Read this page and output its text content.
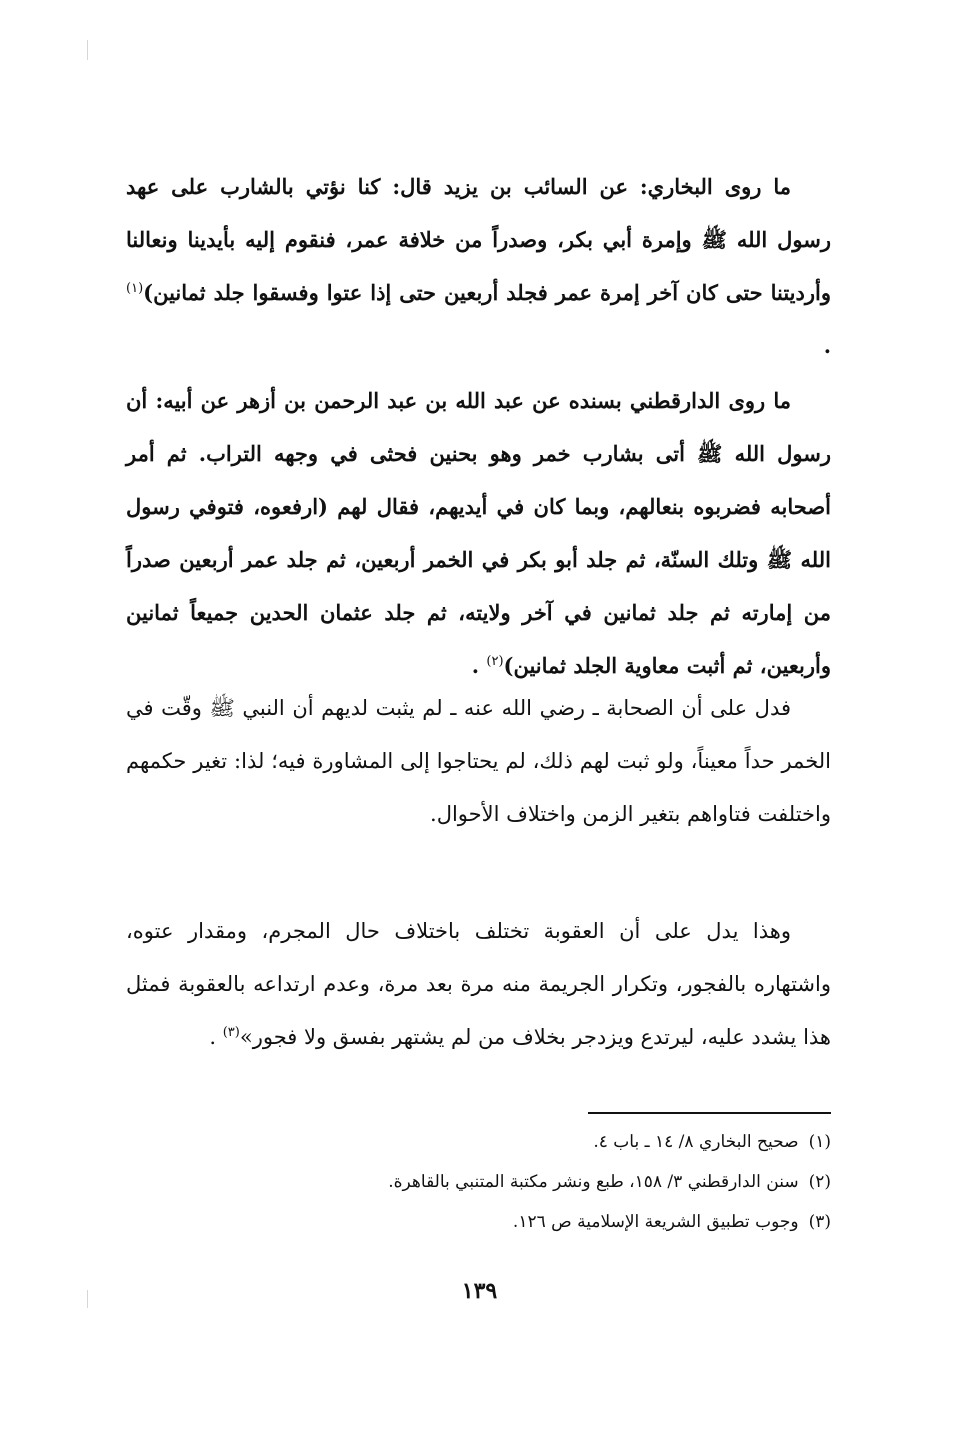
ما روى البخاري: عن السائب بن يزيد قال: كنا نؤتي بالشارب على عهد رسول الله ﷺ وإمرة أبي بكر، وصدراً من خلافة عمر، فنقوم إليه بأيدينا ونعالنا وأرديتنا حتى كان آخر إمرة عمر فجلد أربعين حتى إذا عتوا وفسقوا جلد ثمانين)$^{(١)}$ .

ما روى الدارقطني بسنده عن عبد الله بن عبد الرحمن بن أزهر عن أبيه: أن رسول الله ﷺ أتى بشارب خمر وهو بحنين فحثى في وجهه التراب. ثم أمر أصحابه فضربوه بنعالهم، وبما كان في أيديهم، فقال لهم (ارفعوه، فتوفي رسول الله ﷺ وتلك السنّة، ثم جلد أبو بكر في الخمر أربعين، ثم جلد عمر أربعين صدراً من إمارته ثم جلد ثمانين في آخر ولايته، ثم جلد عثمان الحدين جميعاً ثمانين وأربعين، ثم أثبت معاوية الجلد ثمانين)$^{(٢)}$ .

فدل على أن الصحابة ـ رضي الله عنه ـ لم يثبت لديهم أن النبي ﷺ وقّت في الخمر حداً معيناً، ولو ثبت لهم ذلك، لم يحتاجوا إلى المشاورة فيه؛ لذا: تغير حكمهم واختلفت فتاواهم بتغير الزمن واختلاف الأحوال.

وهذا يدل على أن العقوبة تختلف باختلاف حال المجرم، ومقدار عتوه، واشتهاره بالفجور، وتكرار الجريمة منه مرة بعد مرة، وعدم ارتداعه بالعقوبة فمثل هذا يشدد عليه، ليرتدع ويزدجر بخلاف من لم يشتهر بفسق ولا فجور»$^{(٣)}$ .

(١)صحيح البخاري ٨/ ١٤ ـ باب ٤.
(٢)سنن الدارقطني ٣/ ١٥٨، طبع ونشر مكتبة المتنبي بالقاهرة.
(٣)وجوب تطبيق الشريعة الإسلامية ص ١٢٦.
١٣٩
